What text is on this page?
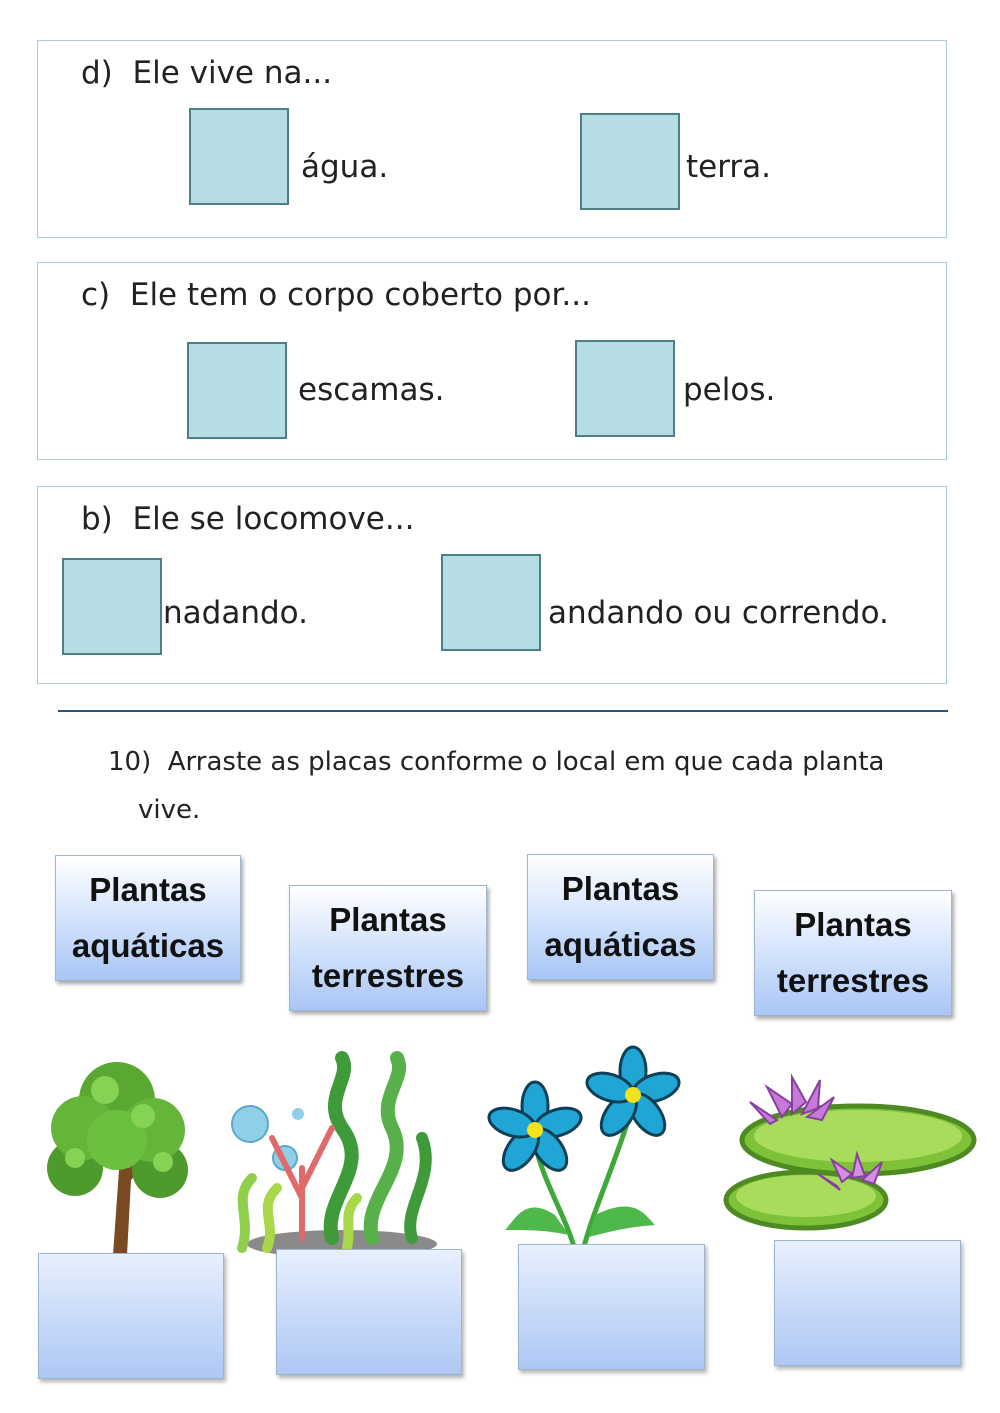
d) Ele vive na...
água.	terra.
c) Ele tem o corpo coberto por...
escamas.	pelos.
b) Ele se locomove...
nadando.	andando ou correndo.
10) Arraste as placas conforme o local em que cada planta
vive.
Plantas
aquáticas
Plantas
terrestres
Plantas
aquáticas
Plantas
terrestres
